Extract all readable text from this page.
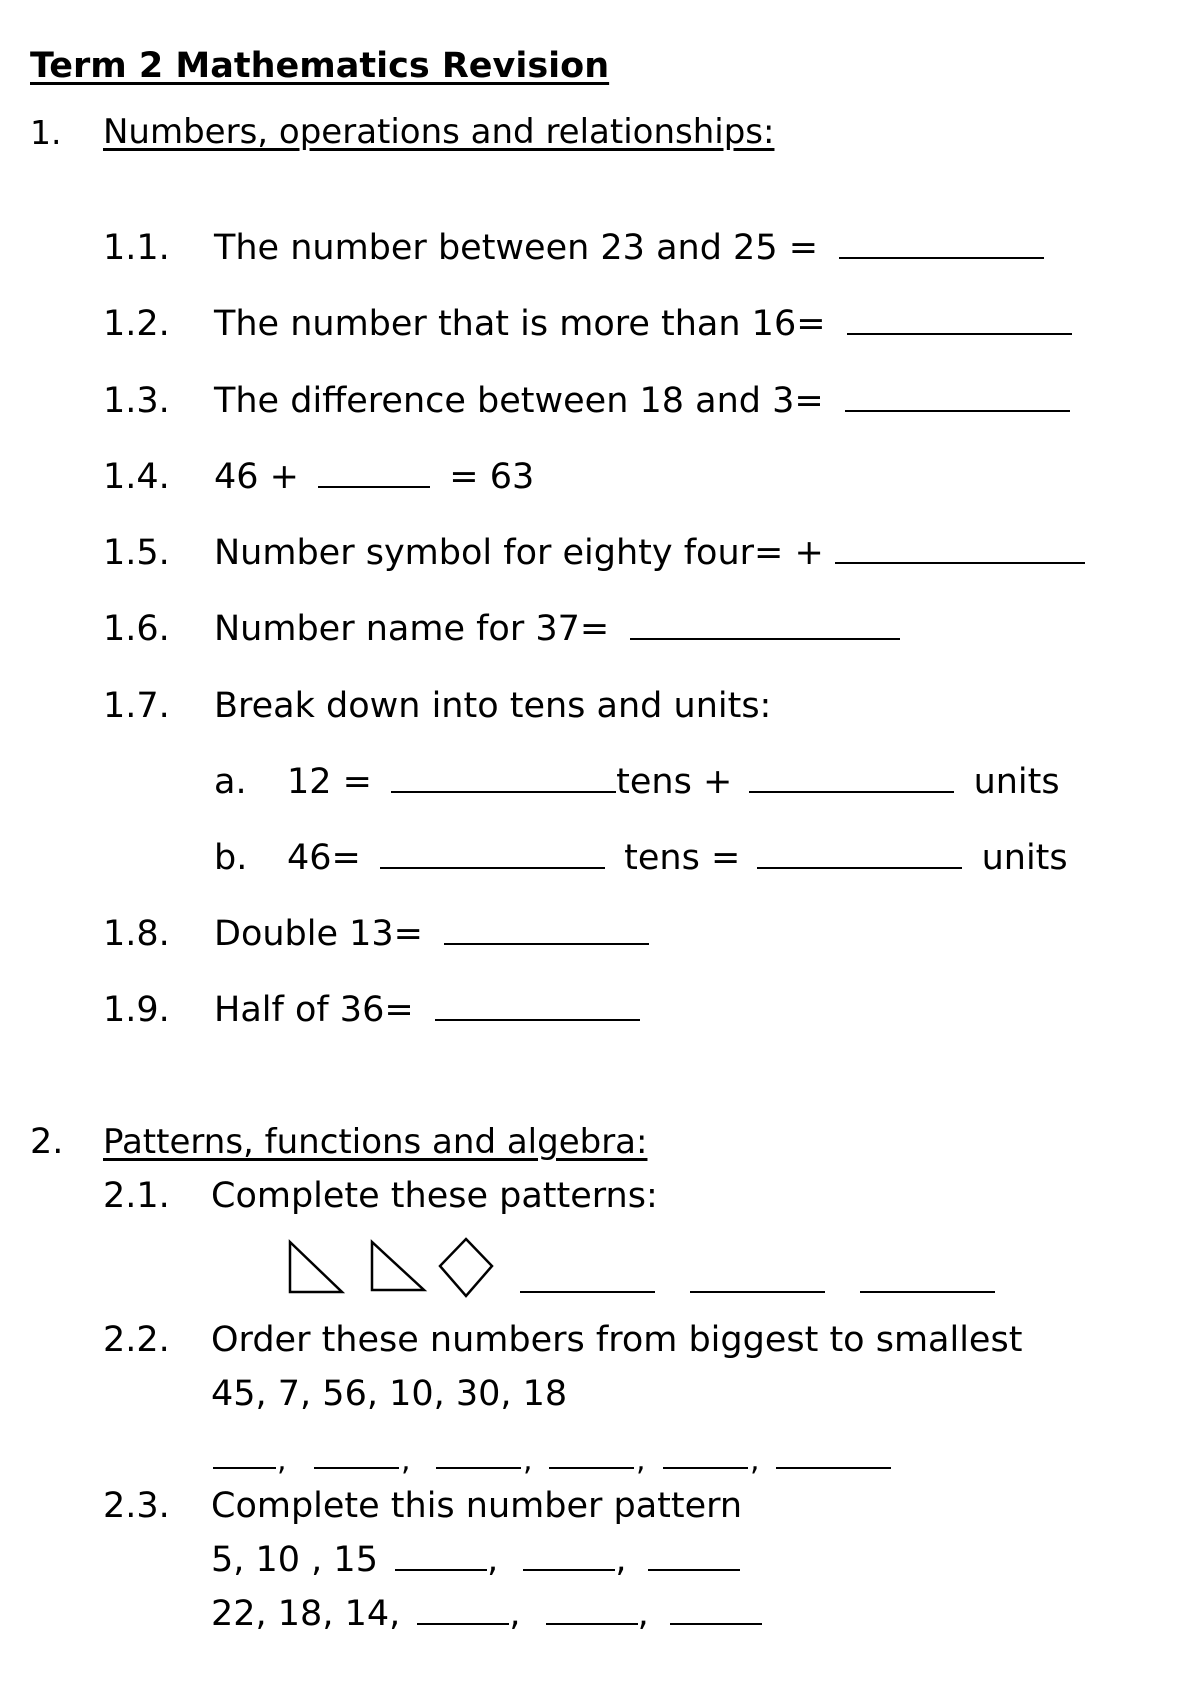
Term 2 Mathematics Revision
1. Numbers, operations and relationships:
1.1. The number between 23 and 25 =
1.2. The number that is more than 16=
1.3. The difference between 18 and 3=
1.4. 46 +	= 63
1.5. Number symbol for eighty four= +
1.6. Number name for 37=
1.7. Break down into tens and units:
a. 12 =	tens +	units
b. 46=	tens =	units
1.8. Double 13=
1.9. Half of 36=
2. Patterns, functions and algebra:
2.1. Complete these patterns:
2.2. Order these numbers from biggest to smallest
45, 7, 56, 10, 30, 18
,	,	,	,	,
2.3. Complete this number pattern
5, 10 , 15	,	,
22, 18, 14,	,	,
